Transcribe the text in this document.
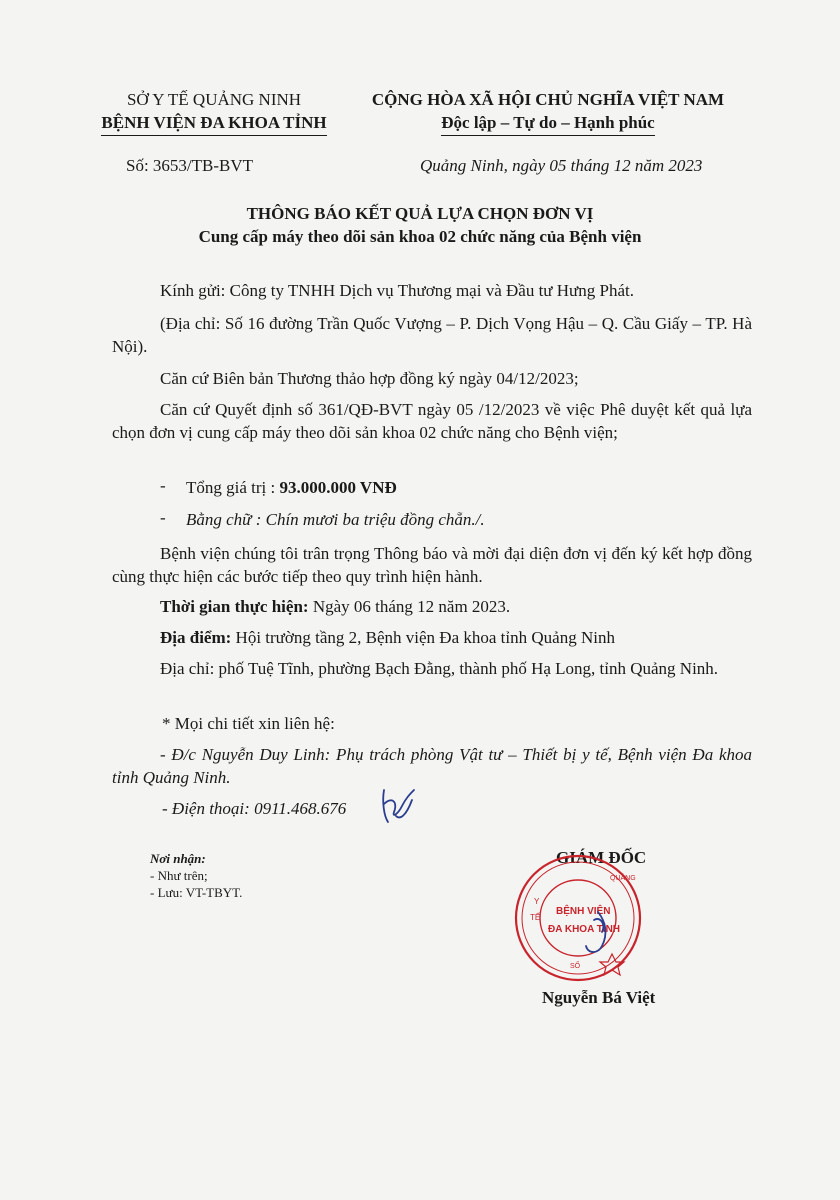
SỞ Y TẾ QUẢNG NINH
BỆNH VIỆN ĐA KHOA TỈNH
CỘNG HÒA XÃ HỘI CHỦ NGHĨA VIỆT NAM
Độc lập – Tự do – Hạnh phúc
Số: 3653/TB-BVT	Quảng Ninh, ngày 05 tháng 12 năm 2023
THÔNG BÁO KẾT QUẢ LỰA CHỌN ĐƠN VỊ
Cung cấp máy theo dõi sản khoa 02 chức năng của Bệnh viện
Kính gửi: Công ty TNHH Dịch vụ Thương mại và Đầu tư Hưng Phát.
(Địa chỉ: Số 16 đường Trần Quốc Vượng – P. Dịch Vọng Hậu – Q. Cầu Giấy – TP. Hà Nội).
Căn cứ Biên bản Thương thảo hợp đồng ký ngày 04/12/2023;
Căn cứ Quyết định số 361/QĐ-BVT ngày 05 /12/2023 về việc Phê duyệt kết quả lựa chọn đơn vị cung cấp máy theo dõi sản khoa 02 chức năng cho Bệnh viện;
- Tổng giá trị : 93.000.000 VNĐ
- Bằng chữ : Chín mươi ba triệu đồng chẵn./.
Bệnh viện chúng tôi trân trọng Thông báo và mời đại diện đơn vị đến ký kết hợp đồng cùng thực hiện các bước tiếp theo quy trình hiện hành.
Thời gian thực hiện: Ngày 06 tháng 12 năm 2023.
Địa điểm: Hội trường tầng 2, Bệnh viện Đa khoa tỉnh Quảng Ninh
Địa chỉ: phố Tuệ Tĩnh, phường Bạch Đằng, thành phố Hạ Long, tỉnh Quảng Ninh.
* Mọi chi tiết xin liên hệ:
- Đ/c Nguyễn Duy Linh: Phụ trách phòng Vật tư – Thiết bị y tế, Bệnh viện Đa khoa tỉnh Quảng Ninh.
- Điện thoại: 0911.468.676
Nơi nhận:
- Như trên;
- Lưu: VT-TBYT.
GIÁM ĐỐC
Y
TẾ
QUẢNG
SỐ
BỆNH VIỆN
ĐA KHOA TỈNH
Nguyễn Bá Việt
